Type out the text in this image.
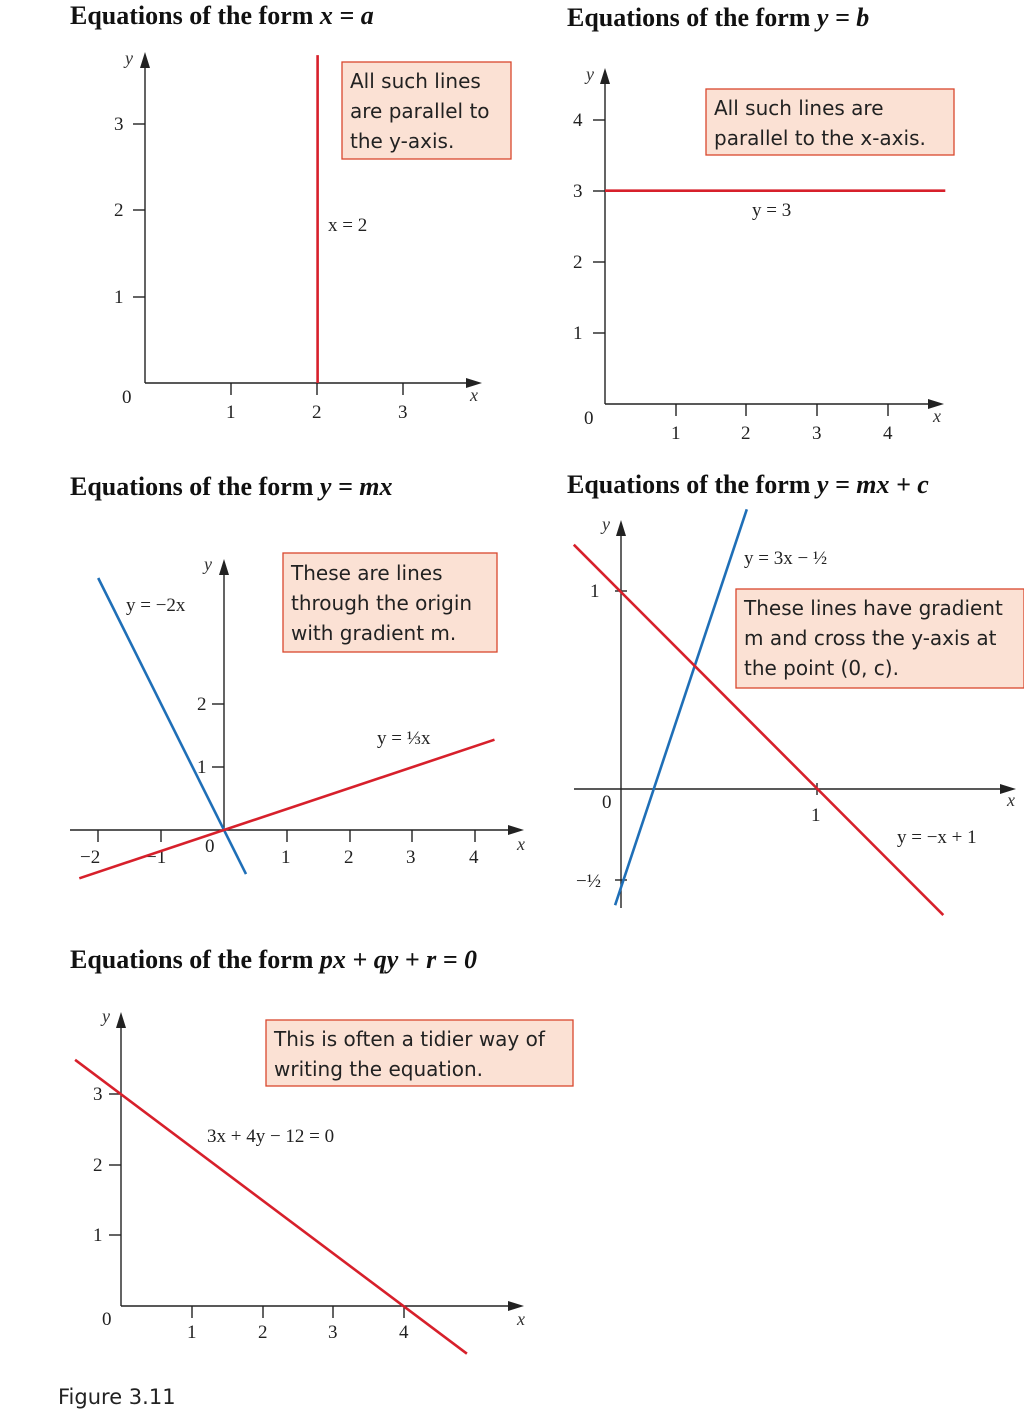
Equations of the form x = a
x
y
0
1	2	3
1
2
3
x = 2
All such lines
are parallel to
the y-axis.
Equations of the form y = b
x
y
0
1	2	3	4
1
2
3
4
y = 3
All such lines are
parallel to the x-axis.
Equations of the form y = mx
x
y
0
−2 −1	1	2	3	4
1
2
y = −2x
y = ⅓x
These are lines
through the origin
with gradient m.
Equations of the form y = mx + c
x
y
0
1
1
−½
y = 3x − ½
y = −x + 1
These lines have gradient
m and cross the y-axis at
the point (0, c).
Equations of the form px + qy + r = 0
x
y
0
1	2	3	4
1
2
3
3x + 4y − 12 = 0
This is often a tidier way of
writing the equation.
Figure 3.11
